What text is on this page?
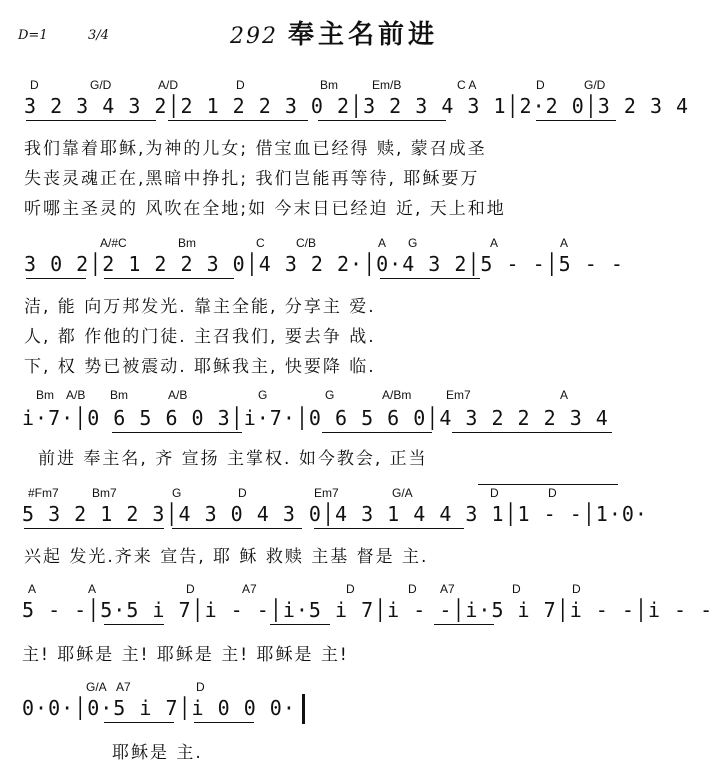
D=1	3/4	292 奉主名前进
D	G/D	A/D	D	Bm	Em/B	C A	D	G/D
3 2 3 4 3 2│2 1 2 2 3 0 2│3 2 3 4 3 1│2·2 0│3 2 3 4
我们靠着耶稣,为神的儿女; 借宝血已经得 赎, 蒙召成圣
失丧灵魂正在,黑暗中挣扎; 我们岂能再等待, 耶稣要万
听哪主圣灵的 风吹在全地;如 今末日已经迫 近, 天上和地
A/#C	Bm	C	C/B	A G	A	A
3 0 2│2 1 2 2 3 0│4 3 2 2·│0·4 3 2│5 - -│5 - -
洁, 能 向万邦发光. 靠主全能, 分享主 爱.
人, 都 作他的门徒. 主召我们, 要去争 战.
下, 权 势已被震动. 耶稣我主, 快要降 临.
Bm A/B Bm	A/B	G	G	A/Bm	Em7	A
i·7·│0 6 5 6 0 3│i·7·│0 6 5 6 0│4 3 2 2 2 3 4
前进 奉主名, 齐 宣扬 主掌权. 如今教会, 正当
#Fm7	Bm7	G	D	Em7	G/A	D	D
5 3 2 1 2 3│4 3 0 4 3 0│4 3 1 4 4 3 1│1 - -│1·0·
兴起 发光.齐来 宣告, 耶 稣 救赎 主基 督是 主.
A	A	D	A7	D	D A7	D	D
5 - -│5·5 i 7│i - -│i·5 i 7│i - -│i·5 i 7│i - -│i - -
主! 耶稣是 主! 耶稣是 主! 耶稣是 主!
G/A A7	D
0·0·│0·5 i 7│i 0 0 0·
耶稣是 主.
